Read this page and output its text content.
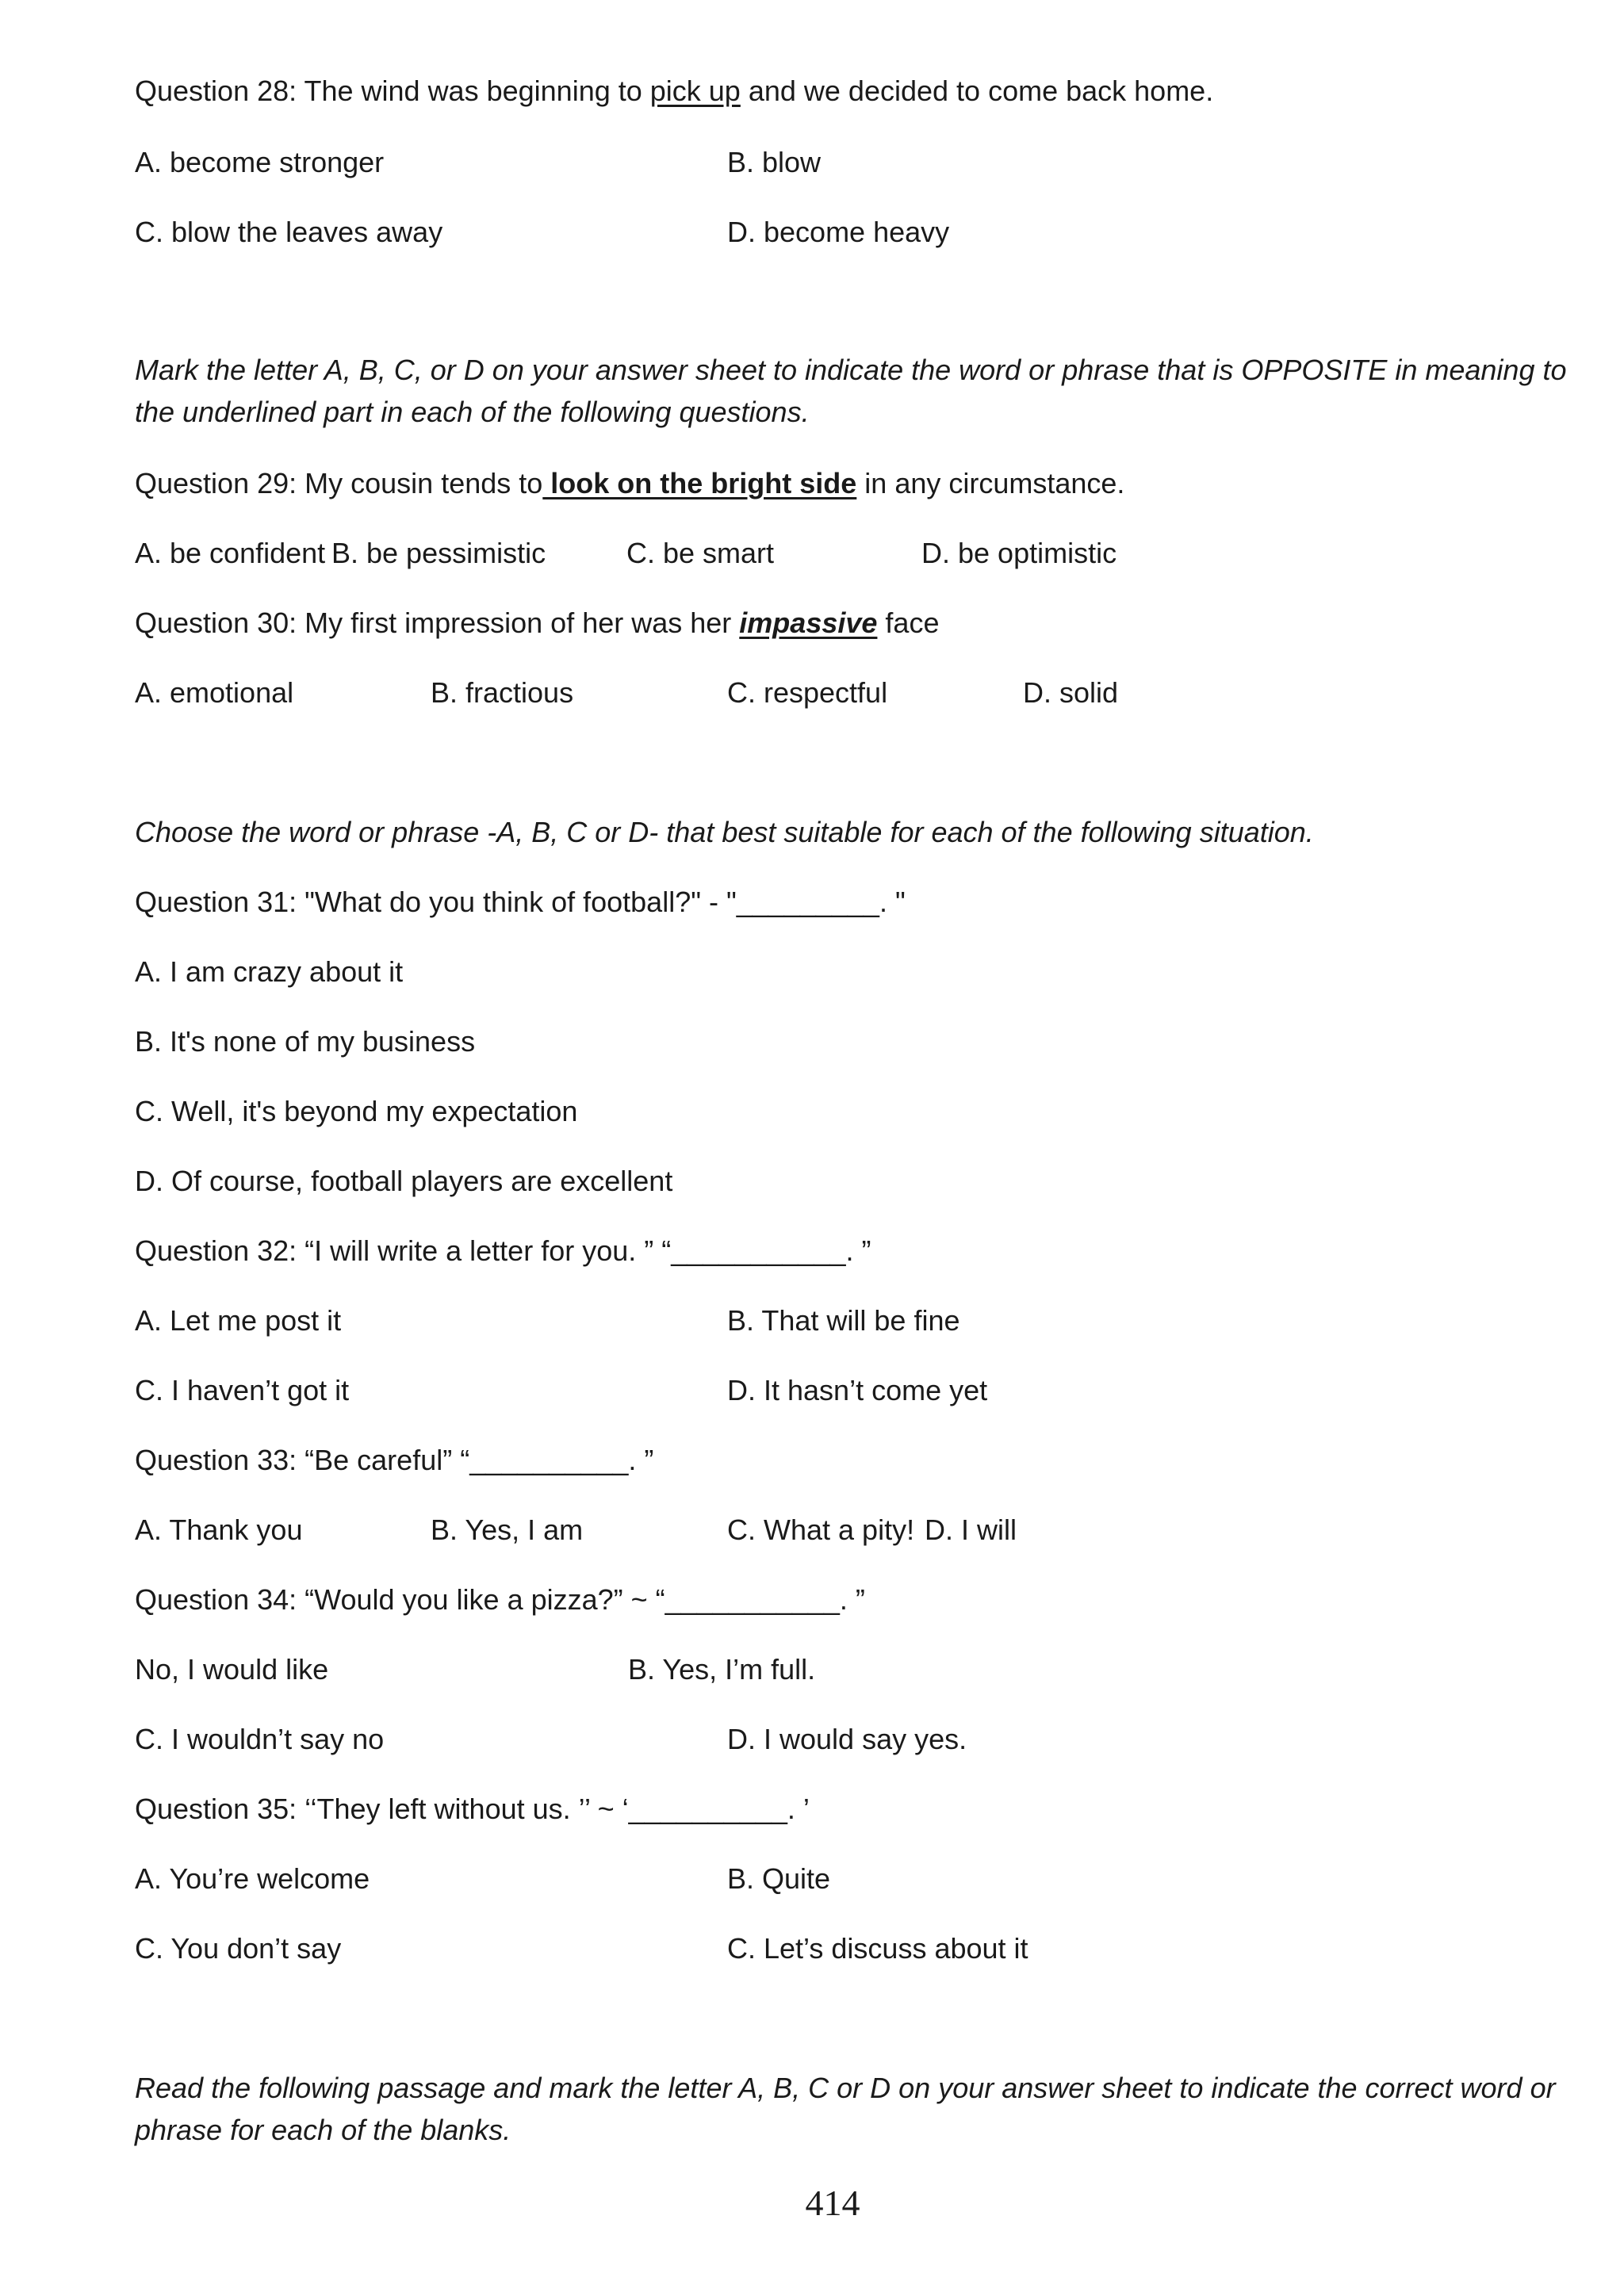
Question 28: The wind was beginning to pick up and we decided to come back home.
A. become stronger	B. blow
C. blow the leaves away	D. become heavy
Mark the letter A, B, C, or D on your answer sheet to indicate the word or phrase that is OPPOSITE in meaning to
the underlined part in each of the following questions.
Question 29: My cousin tends to look on the bright side in any circumstance.
A. be confident B. be pessimistic	C. be smart	D. be optimistic
Question 30: My first impression of her was her impassive face
A. emotional	B. fractious	C. respectful	D. solid
Choose the word or phrase -A, B, C or D- that best suitable for each of the following situation.
Question 31: "What do you think of football?" - "_________. "
A. I am crazy about it
B. It's none of my business
C. Well, it's beyond my expectation
D. Of course, football players are excellent
Question 32: “I will write a letter for you. ” “___________. ”
A. Let me post it	B. That will be fine
C. I haven’t got it	D. It hasn’t come yet
Question 33: “Be careful” “__________. ”
A. Thank you	B. Yes, I am	C. What a pity! D. I will
Question 34: “Would you like a pizza?” ~ “___________. ”
No, I would like	B. Yes, I’m full.
C. I wouldn’t say no	D. I would say yes.
Question 35: ‘‘They left without us. ’’ ~ ‘__________. ’
A. You’re welcome	B. Quite
C. You don’t say	C. Let’s discuss about it
Read the following passage and mark the letter A, B, C or D on your answer sheet to indicate the correct word or
phrase for each of the blanks.
414
